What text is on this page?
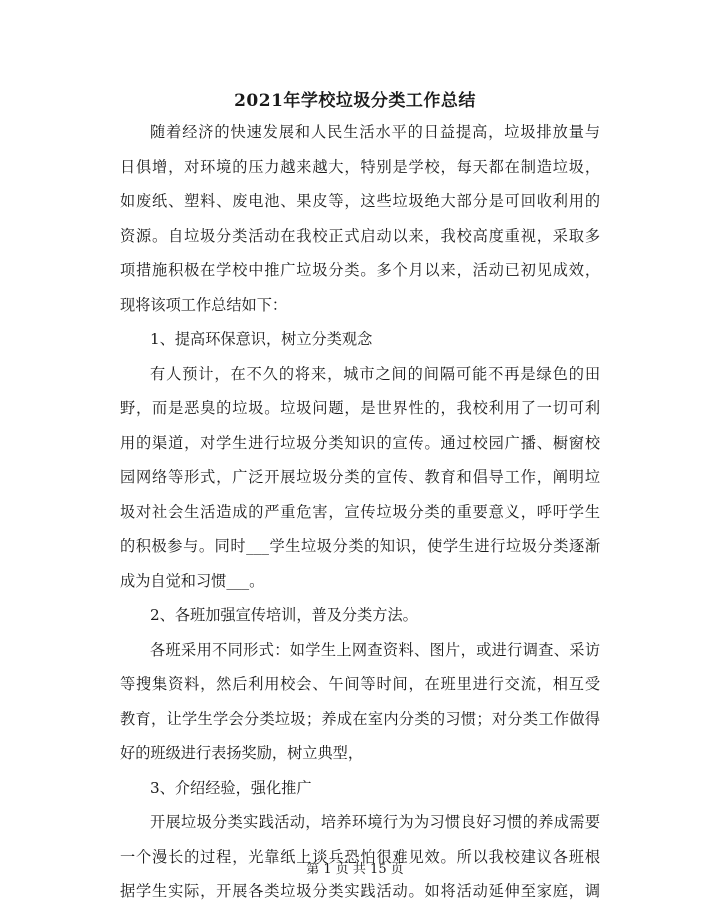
2021年学校垃圾分类工作总结
随着经济的快速发展和人民生活水平的日益提高，垃圾排放量与
日俱增，对环境的压力越来越大，特别是学校，每天都在制造垃圾，
如废纸、塑料、废电池、果皮等，这些垃圾绝大部分是可回收利用的
资源。自垃圾分类活动在我校正式启动以来，我校高度重视，采取多
项措施积极在学校中推广垃圾分类。多个月以来，活动已初见成效，
现将该项工作总结如下：
1、提高环保意识，树立分类观念
有人预计，在不久的将来，城市之间的间隔可能不再是绿色的田
野，而是恶臭的垃圾。垃圾问题，是世界性的，我校利用了一切可利
用的渠道，对学生进行垃圾分类知识的宣传。通过校园广播、橱窗校
园网络等形式，广泛开展垃圾分类的宣传、教育和倡导工作，阐明垃
圾对社会生活造成的严重危害，宣传垃圾分类的重要意义，呼吁学生
的积极参与。同时___学生垃圾分类的知识，使学生进行垃圾分类逐渐
成为自觉和习惯___。
2、各班加强宣传培训，普及分类方法。
各班采用不同形式：如学生上网查资料、图片，或进行调查、采访
等搜集资料，然后利用校会、午间等时间，在班里进行交流，相互受
教育，让学生学会分类垃圾；养成在室内分类的习惯；对分类工作做得
好的班级进行表扬奖励，树立典型，
3、介绍经验，强化推广
开展垃圾分类实践活动，培养环境行为为习惯良好习惯的养成需要
一个漫长的过程，光靠纸上谈兵恐怕很难见效。所以我校建议各班根
据学生实际，开展各类垃圾分类实践活动。如将活动延伸至家庭，调
第 1 页 共 15 页
